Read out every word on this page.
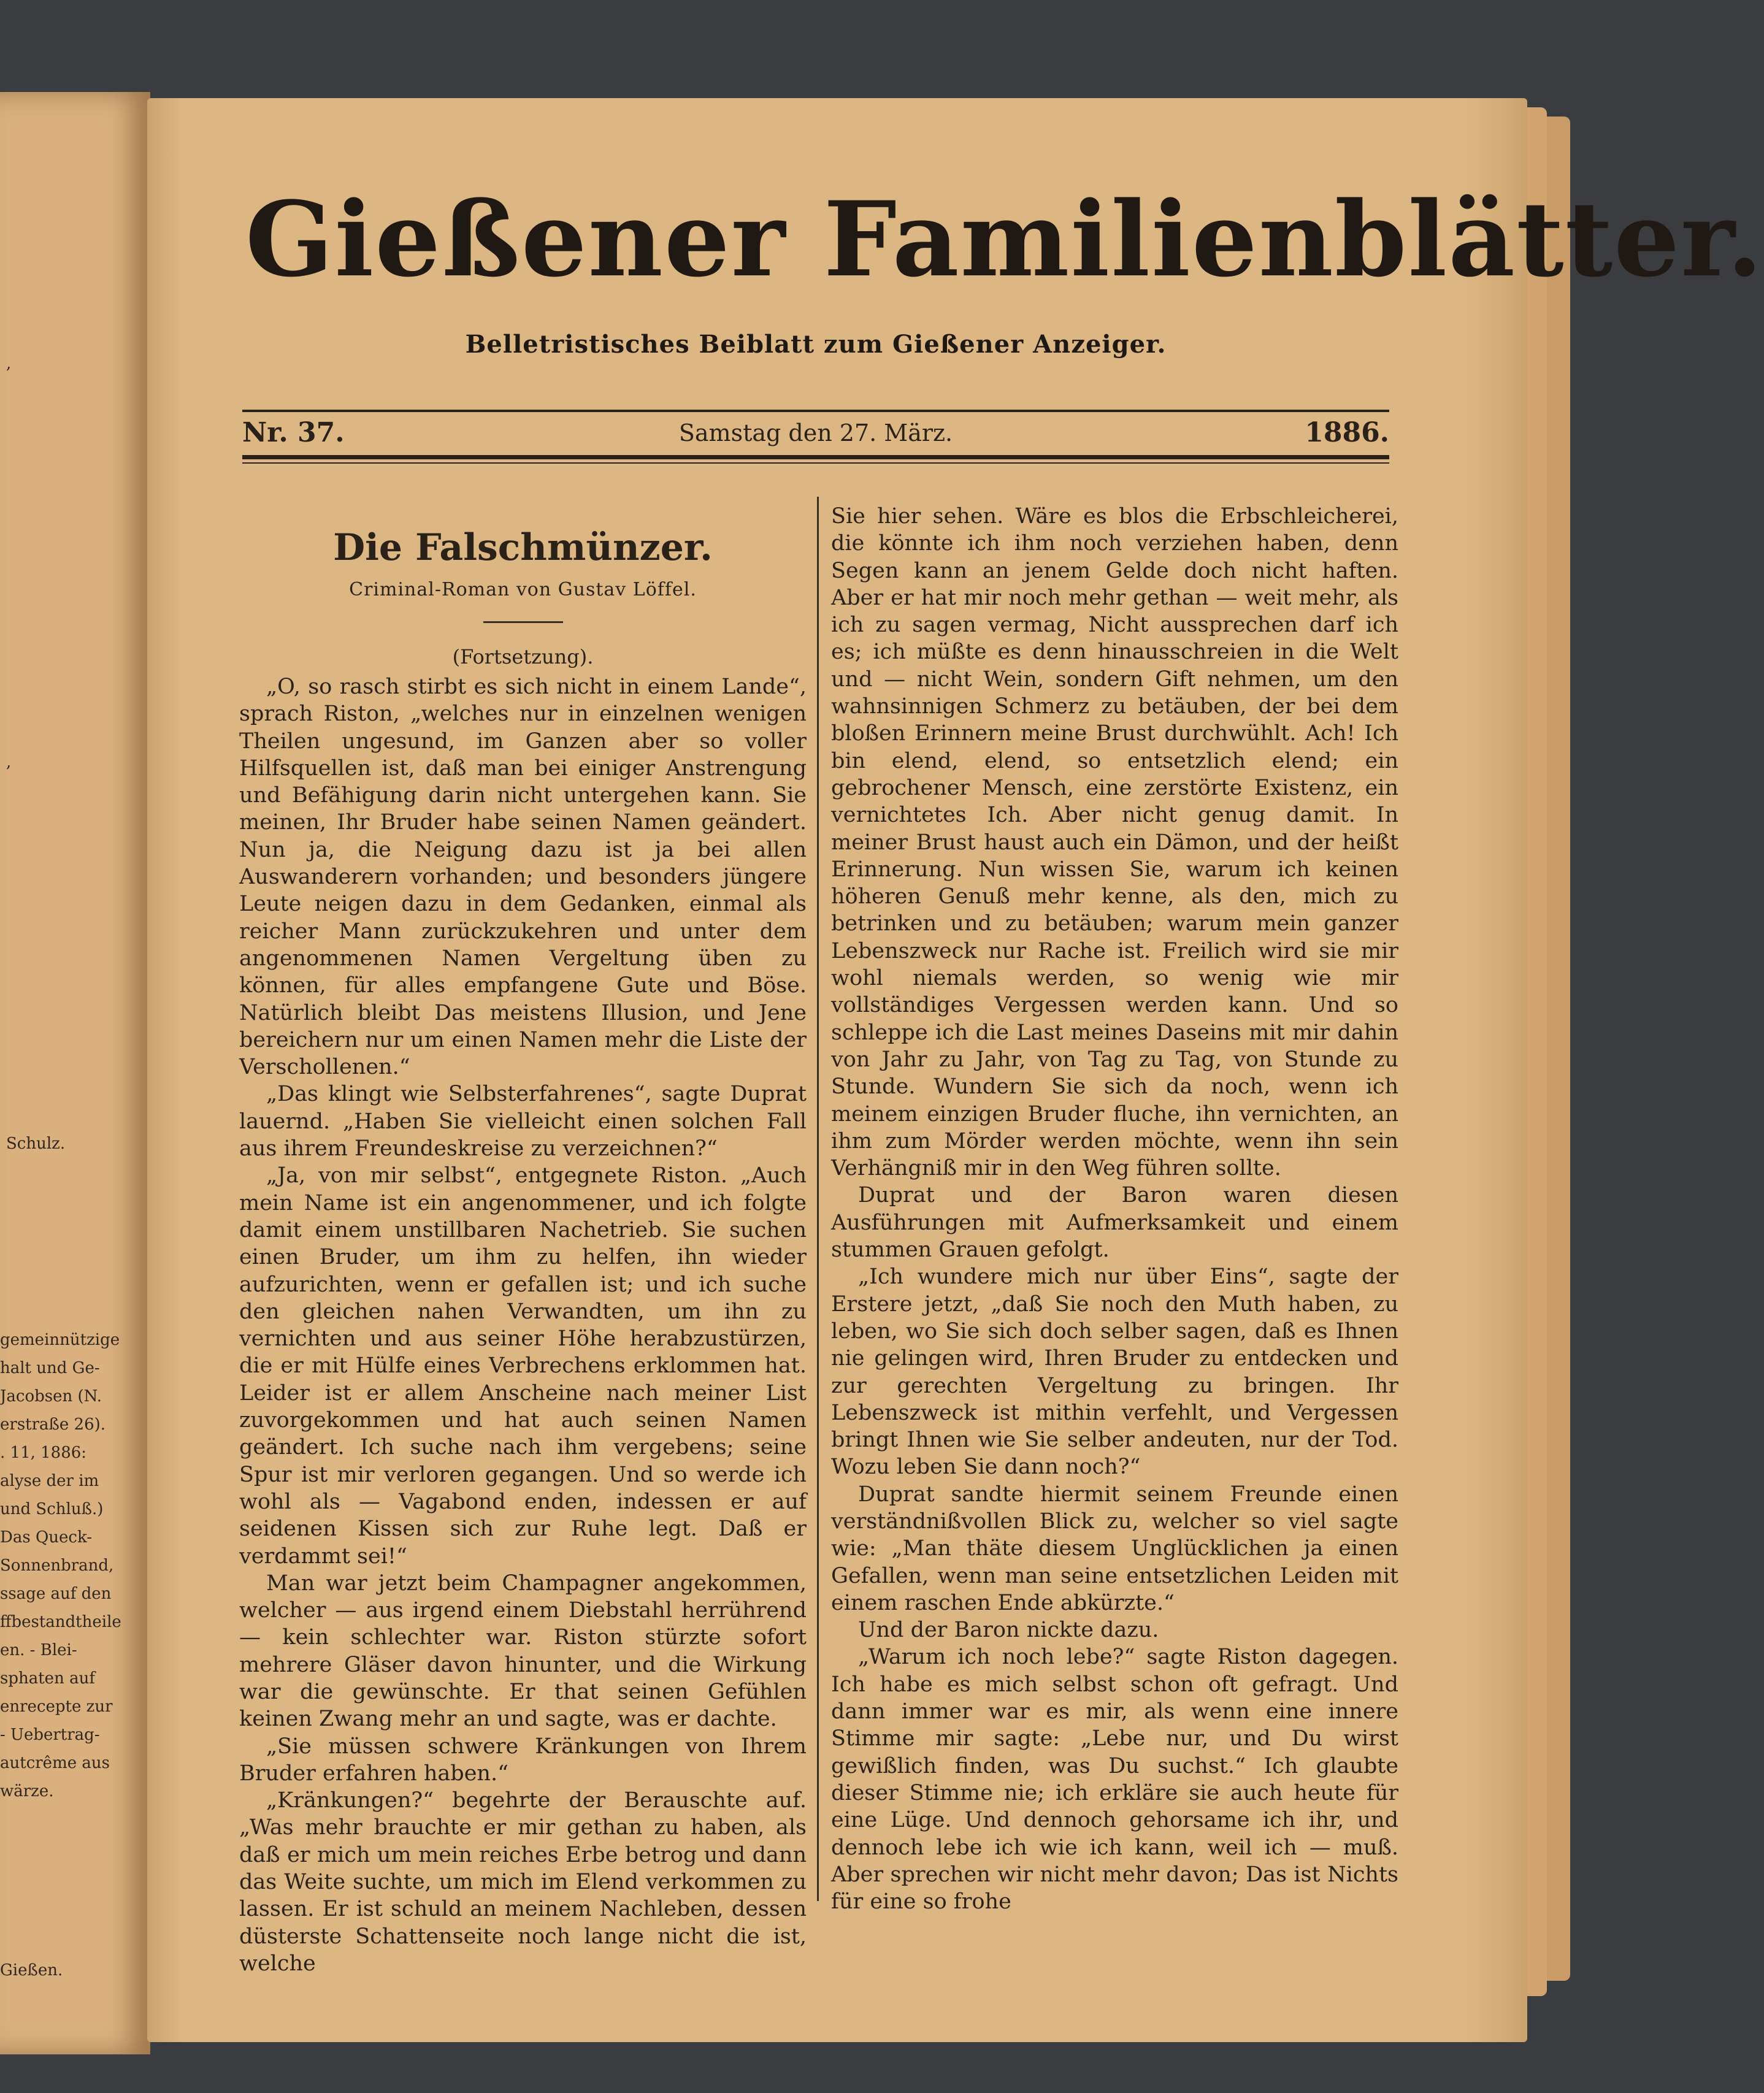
,
,
Schulz.
gemeinnützige
halt und Ge-
Jacobsen (N.
erstraße 26).
. 11, 1886:
alyse der im
und Schluß.)
Das Queck-
Sonnenbrand,
ssage auf den
ffbestandtheile
en. - Blei-
sphaten auf
enrecepte zur
- Uebertrag-
autcrême aus
wärze.
Gießen.
Gießener Familienblätter.
Belletristisches Beiblatt zum Gießener Anzeiger.
Nr. 37.	Samstag den 27. März.	1886.
Die Falschmünzer.
Criminal-Roman von Gustav Löffel.
(Fortsetzung).

„O, so rasch stirbt es sich nicht in einem Lande“, sprach Riston, „welches nur in einzelnen wenigen Theilen ungesund, im Ganzen aber so voller Hilfsquellen ist, daß man bei einiger Anstrengung und Befähigung darin nicht untergehen kann. Sie meinen, Ihr Bruder habe seinen Namen geändert. Nun ja, die Neigung dazu ist ja bei allen Auswanderern vorhanden; und besonders jüngere Leute neigen dazu in dem Gedanken, einmal als reicher Mann zurückzukehren und unter dem angenommenen Namen Vergeltung üben zu können, für alles empfangene Gute und Böse. Natürlich bleibt Das meistens Illusion, und Jene bereichern nur um einen Namen mehr die Liste der Verschollenen.“

„Das klingt wie Selbsterfahrenes“, sagte Duprat lauernd. „Haben Sie vielleicht einen solchen Fall aus ihrem Freundeskreise zu verzeichnen?“

„Ja, von mir selbst“, entgegnete Riston. „Auch mein Name ist ein angenommener, und ich folgte damit einem unstillbaren Nachetrieb. Sie suchen einen Bruder, um ihm zu helfen, ihn wieder aufzurichten, wenn er gefallen ist; und ich suche den gleichen nahen Verwandten, um ihn zu vernichten und aus seiner Höhe herabzustürzen, die er mit Hülfe eines Verbrechens erklommen hat. Leider ist er allem Anscheine nach meiner List zuvorgekommen und hat auch seinen Namen geändert. Ich suche nach ihm vergebens; seine Spur ist mir verloren gegangen. Und so werde ich wohl als — Vagabond enden, indessen er auf seidenen Kissen sich zur Ruhe legt. Daß er verdammt sei!“

Man war jetzt beim Champagner angekommen, welcher — aus irgend einem Diebstahl herrührend — kein schlechter war. Riston stürzte sofort mehrere Gläser davon hinunter, und die Wirkung war die gewünschte. Er that seinen Gefühlen keinen Zwang mehr an und sagte, was er dachte.

„Sie müssen schwere Kränkungen von Ihrem Bruder erfahren haben.“

„Kränkungen?“ begehrte der Berauschte auf. „Was mehr brauchte er mir gethan zu haben, als daß er mich um mein reiches Erbe betrog und dann das Weite suchte, um mich im Elend verkommen zu lassen. Er ist schuld an meinem Nachleben, dessen düsterste Schattenseite noch lange nicht die ist, welche

Sie hier sehen. Wäre es blos die Erbschleicherei, die könnte ich ihm noch verziehen haben, denn Segen kann an jenem Gelde doch nicht haften. Aber er hat mir noch mehr gethan — weit mehr, als ich zu sagen vermag, Nicht aussprechen darf ich es; ich müßte es denn hinausschreien in die Welt und — nicht Wein, sondern Gift nehmen, um den wahnsinnigen Schmerz zu betäuben, der bei dem bloßen Erinnern meine Brust durchwühlt. Ach! Ich bin elend, elend, so entsetzlich elend; ein gebrochener Mensch, eine zerstörte Existenz, ein vernichtetes Ich. Aber nicht genug damit. In meiner Brust haust auch ein Dämon, und der heißt Erinnerung. Nun wissen Sie, warum ich keinen höheren Genuß mehr kenne, als den, mich zu betrinken und zu betäuben; warum mein ganzer Lebenszweck nur Rache ist. Freilich wird sie mir wohl niemals werden, so wenig wie mir vollständiges Vergessen werden kann. Und so schleppe ich die Last meines Daseins mit mir dahin von Jahr zu Jahr, von Tag zu Tag, von Stunde zu Stunde. Wundern Sie sich da noch, wenn ich meinem einzigen Bruder fluche, ihn vernichten, an ihm zum Mörder werden möchte, wenn ihn sein Verhängniß mir in den Weg führen sollte.

Duprat und der Baron waren diesen Ausführungen mit Aufmerksamkeit und einem stummen Grauen gefolgt.

„Ich wundere mich nur über Eins“, sagte der Erstere jetzt, „daß Sie noch den Muth haben, zu leben, wo Sie sich doch selber sagen, daß es Ihnen nie gelingen wird, Ihren Bruder zu entdecken und zur gerechten Vergeltung zu bringen. Ihr Lebenszweck ist mithin verfehlt, und Vergessen bringt Ihnen wie Sie selber andeuten, nur der Tod. Wozu leben Sie dann noch?“

Duprat sandte hiermit seinem Freunde einen verständnißvollen Blick zu, welcher so viel sagte wie: „Man thäte diesem Unglücklichen ja einen Gefallen, wenn man seine entsetzlichen Leiden mit einem raschen Ende abkürzte.“

Und der Baron nickte dazu.

„Warum ich noch lebe?“ sagte Riston dagegen. Ich habe es mich selbst schon oft gefragt. Und dann immer war es mir, als wenn eine innere Stimme mir sagte: „Lebe nur, und Du wirst gewißlich finden, was Du suchst.“ Ich glaubte dieser Stimme nie; ich erkläre sie auch heute für eine Lüge. Und dennoch gehorsame ich ihr, und dennoch lebe ich wie ich kann, weil ich — muß. Aber sprechen wir nicht mehr davon; Das ist Nichts für eine so frohe
